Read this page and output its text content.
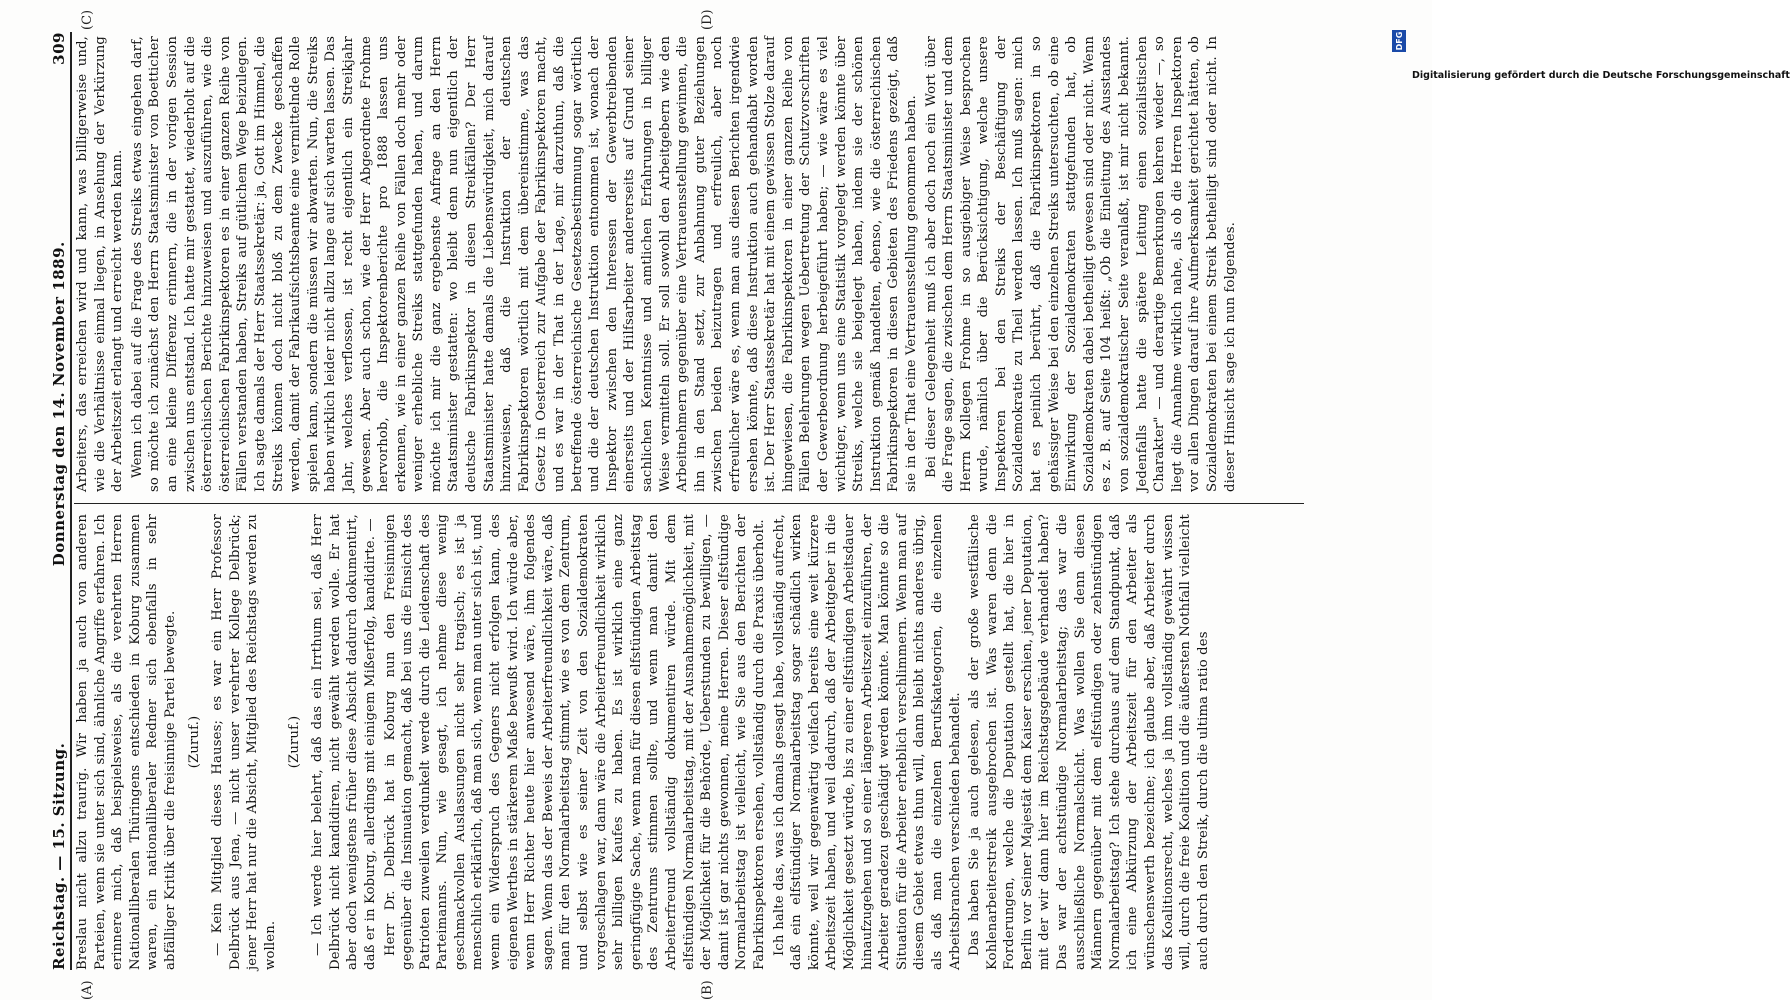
Reichstag. — 15. Sitzung.
Donnerstag den 14. November 1889.
309

Breslau nicht allzu traurig. Wir haben ja auch von anderen Parteien, wenn sie unter sich sind, ähnliche Angriffe erfahren. Ich erinnere mich, daß beispielsweise, als die verehrten Herren Nationalliberalen Thüringens entschieden in Koburg zusammen waren, ein nationalliberaler Redner sich ebenfalls in sehr abfälliger Kritik über die freisinnige Partei bewegte. (Zuruf.) — Kein Mitglied dieses Hauses; es war ein Herr Professor Delbrück aus Jena, — nicht unser verehrter Kollege Delbrück; jener Herr hat nur die Absicht, Mitglied des Reichstags werden zu wollen.

(Zuruf.) — Ich werde hier belehrt, daß das ein Irrthum sei, daß Herr Delbrück nicht kandidiren, nicht gewählt werden wolle. Er hat aber doch wenigstens früher diese Absicht dadurch dokumentirt, daß er in Koburg, allerdings mit einigem Mißerfolg, kandidirte. — Herr Dr. Delbrück hat in Koburg nun den Freisinnigen gegenüber die Insinuation gemacht, daß bei uns die Einsicht des Patrioten zuweilen verdunkelt werde durch die Leidenschaft des Parteimanns. Nun, wie gesagt, ich nehme diese wenig geschmackvollen Auslassungen nicht sehr tragisch; es ist ja menschlich erklärlich, daß man sich, wenn man unter sich ist, und wenn ein Widerspruch des Gegners nicht erfolgen kann, des eigenen Werthes in stärkerem Maße bewußt wird. Ich würde aber, wenn Herr Richter heute hier anwesend wäre, ihm folgendes sagen. Wenn das der Beweis der Arbeiterfreundlichkeit wäre, daß man für den Normalarbeitstag stimmt, wie es von dem Zentrum, und selbst wie es seiner Zeit von den Sozialdemokraten vorgeschlagen war, dann wäre die Arbeiterfreundlichkeit wirklich sehr billigen Kaufes zu haben. Es ist wirklich eine ganz geringfügige Sache, wenn man für diesen elfstündigen Arbeitstag des Zentrums stimmen sollte, und wenn man damit den Arbeiterfreund vollständig dokumentiren würde. Mit dem elfstündigen Normalarbeitstag, mit der Ausnahmemöglichkeit, mit der Möglichkeit für die Behörde, Ueberstunden zu bewilligen, — damit ist gar nichts gewonnen, meine Herren. Dieser elfstündige Normalarbeitstag ist vielleicht, wie Sie aus den Berichten der Fabrikinspektoren ersehen, vollständig durch die Praxis überholt. Ich halte das, was ich damals gesagt habe, vollständig aufrecht, daß ein elfstündiger Normalarbeitstag sogar schädlich wirken könnte, weil wir gegenwärtig vielfach bereits eine weit kürzere Arbeitszeit haben, und weil dadurch, daß der Arbeitgeber in die Möglichkeit gesetzt würde, bis zu einer elfstündigen Arbeitsdauer hinaufzugehen und so einer längeren Arbeitszeit einzuführen, der Arbeiter geradezu geschädigt werden könnte. Man könnte so die Situation für die Arbeiter erheblich verschlimmern. Wenn man auf diesem Gebiet etwas thun will, dann bleibt nichts anderes übrig, als daß man die einzelnen Berufskategorien, die einzelnen Arbeitsbranchen verschieden behandelt. Das haben Sie ja auch gelesen, als der große westfälische Kohlenarbeiterstreik ausgebrochen ist. Was waren denn die Forderungen, welche die Deputation gestellt hat, die hier in Berlin vor Seiner Majestät dem Kaiser erschien, jener Deputation, mit der wir dann hier im Reichstagsgebäude verhandelt haben? Das war der achtstündige Normalarbeitstag; das war die ausschließliche Normalschicht. Was wollen Sie denn diesen Männern gegenüber mit dem elfstündigen oder zehnstündigen Normalarbeitstag? Ich stehe durchaus auf dem Standpunkt, daß ich eine Abkürzung der Arbeitszeit für den Arbeiter als wünschenswerth bezeichne; ich glaube aber, daß Arbeiter durch das Koalitionsrecht, welches ja ihm vollständig gewährt wissen will, durch die freie Koalition und die äußersten Nothfall vielleicht auch durch den Streik, durch die ultima ratio des

Arbeiters, das erreichen wird und kann, was billigerweise und, wie die Verhältnisse einmal liegen, in Ansehung der Verkürzung der Arbeitszeit erlangt und erreicht werden kann. Wenn ich dabei auf die Frage des Streiks etwas eingehen darf, so möchte ich zunächst den Herrn Staatsminister von Boetticher an eine kleine Differenz erinnern, die in der vorigen Session zwischen uns entstand. Ich hatte mir gestattet, wiederholt auf die österreichischen Berichte hinzuweisen und auszuführen, wie die österreichischen Fabrikinspektoren es in einer ganzen Reihe von Fällen verstanden haben, Streiks auf gütlichem Wege beizulegen. Ich sagte damals der Herr Staatssekretär: ja, Gott im Himmel, die Streiks können doch nicht bloß zu dem Zwecke geschaffen werden, damit der Fabrikaufsichtsbeamte eine vermittelnde Rolle spielen kann, sondern die müssen wir abwarten. Nun, die Streiks haben wirklich leider nicht allzu lange auf sich warten lassen. Das Jahr, welches verflossen, ist recht eigentlich ein Streikjahr gewesen. Aber auch schon, wie der Herr Abgeordnete Frohme hervorhob, die Inspektorenberichte pro 1888 lassen uns erkennen, wie in einer ganzen Reihe von Fällen doch mehr oder weniger erhebliche Streiks stattgefunden haben, und darum möchte ich mir die ganz ergebenste Anfrage an den Herrn Staatsminister gestatten: wo bleibt denn nun eigentlich der deutsche Fabrikinspektor in diesen Streikfällen? Der Herr Staatsminister hatte damals die Liebenswürdigkeit, mich darauf hinzuweisen, daß die Instruktion der deutschen Fabrikinspektoren wörtlich mit dem übereinstimme, was das Gesetz in Oesterreich zur Aufgabe der Fabrikinspektoren macht, und es war in der That in der Lage, mir darzuthun, daß die betreffende österreichische Gesetzesbestimmung sogar wörtlich und die der deutschen Instruktion entnommen ist, wonach der Inspektor zwischen den Interessen der Gewerbtreibenden einerseits und der Hilfsarbeiter andererseits auf Grund seiner sachlichen Kenntnisse und amtlichen Erfahrungen in billiger Weise vermitteln soll. Er soll sowohl den Arbeitgebern wie den Arbeitnehmern gegenüber eine Vertrauensstellung gewinnen, die ihn in den Stand setzt, zur Anbahnung guter Beziehungen zwischen beiden beizutragen und erfreulich, aber noch erfreulicher wäre es, wenn man aus diesen Berichten irgendwie ersehen könnte, daß diese Instruktion auch gehandhabt worden ist. Der Herr Staatssekretär hat mit einem gewissen Stolze darauf hingewiesen, die Fabrikinspektoren in einer ganzen Reihe von Fällen Belehrungen wegen Uebertretung der Schutzvorschriften der Gewerbeordnung herbeigeführt haben; — wie wäre es viel wichtiger, wenn uns eine Statistik vorgelegt werden könnte über Streiks, welche sie beigelegt haben, indem sie der schönen Instruktion gemäß handelten, ebenso, wie die österreichischen Fabrikinspektoren in diesen Gebieten des Friedens gezeigt, daß sie in der That eine Vertrauensstellung genommen haben. Bei dieser Gelegenheit muß ich aber doch noch ein Wort über die Frage sagen, die zwischen dem Herrn Staatsminister und dem Herrn Kollegen Frohme in so ausgiebiger Weise besprochen wurde, nämlich über die Berücksichtigung, welche unsere Inspektoren bei den Streiks der Beschäftigung der Sozialdemokratie zu Theil werden lassen. Ich muß sagen: mich hat es peinlich berührt, daß die Fabrikinspektoren in so gehässiger Weise bei den einzelnen Streiks untersuchten, ob eine Einwirkung der Sozialdemokraten stattgefunden hat, ob Sozialdemokraten dabei betheiligt gewesen sind oder nicht. Wenn es z. B. auf Seite 104 heißt: „Ob die Einleitung des Ausstandes von sozialdemokratischer Seite veranlaßt, ist mir nicht bekannt. Jedenfalls hatte die spätere Leitung einen sozialistischen Charakter" — und derartige Bemerkungen kehren wieder —, so liegt die Annahme wirklich nahe, als ob die Herren Inspektoren vor allen Dingen darauf ihre Aufmerksamkeit gerichtet hätten, ob Sozialdemokraten bei einem Streik betheiligt sind oder nicht. In dieser Hinsicht sage ich nun folgendes.

(A)	(B)
(C)	(D)
DFG
Digitalisierung gefördert durch die Deutsche Forschungsgemeinschaft
